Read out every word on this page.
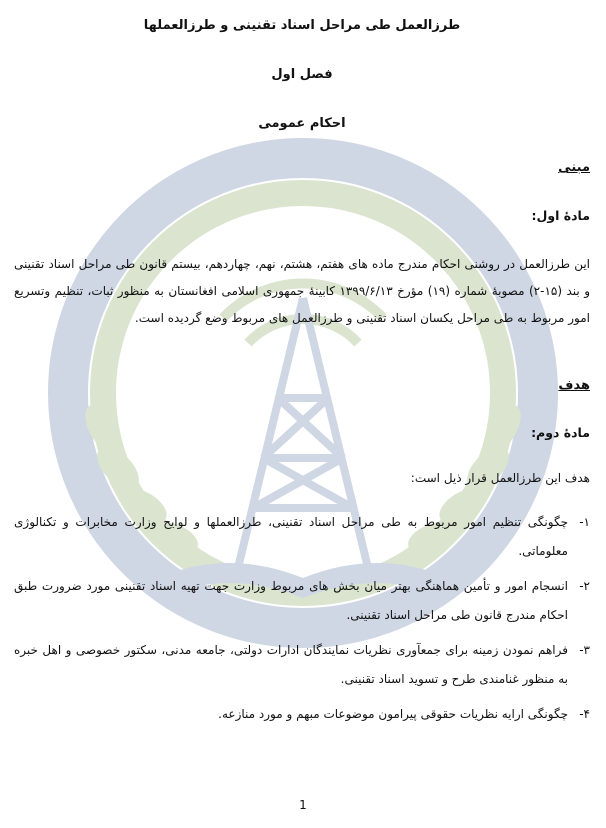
طرزالعمل طی مراحل اسناد تقنینی و طرزالعملها
فصل اول
احکام عمومی
مبنی
مادۀ اول:
این طرزالعمل در روشنی احکام مندرج ماده های هفتم، هشتم، نهم، چهاردهم، بیستم قانون طی مراحل اسناد تقنینی و بند (۱۵-۲) مصوبۀ شماره (۱۹) مؤرخ ۱۳۹۹/۶/۱۳ کابینۀ جمهوری اسلامی افغانستان به منظور ثبات، تنظیم وتسریع امور مربوط به طی مراحل یکسان اسناد تقنینی و طرزالعمل های مربوط وضع گردیده است.
هدف
مادۀ دوم:
هدف این طرزالعمل قرار ذیل است:
۱-
چگونگی تنظیم امور مربوط به طی مراحل اسناد تقنینی، طرزالعملها و لوایح وزارت مخابرات و تکنالوژی معلوماتی.
۲-
انسجام امور و تأمین هماهنگی بهتر میان بخش های مربوط وزارت جهت تهیه اسناد تقنینی مورد ضرورت طبق احکام مندرج قانون طی مراحل اسناد تقنینی.
۳-
فراهم نمودن زمینه برای جمعآوری نظریات نمایندگان ادارات دولتی، جامعه مدنی، سکتور خصوصی و اهل خبره به منظور غنامندی طرح و تسوید اسناد تقنینی.
۴-
چگونگی ارایه نظریات حقوقی پیرامون موضوعات مبهم و مورد منازعه.
1
